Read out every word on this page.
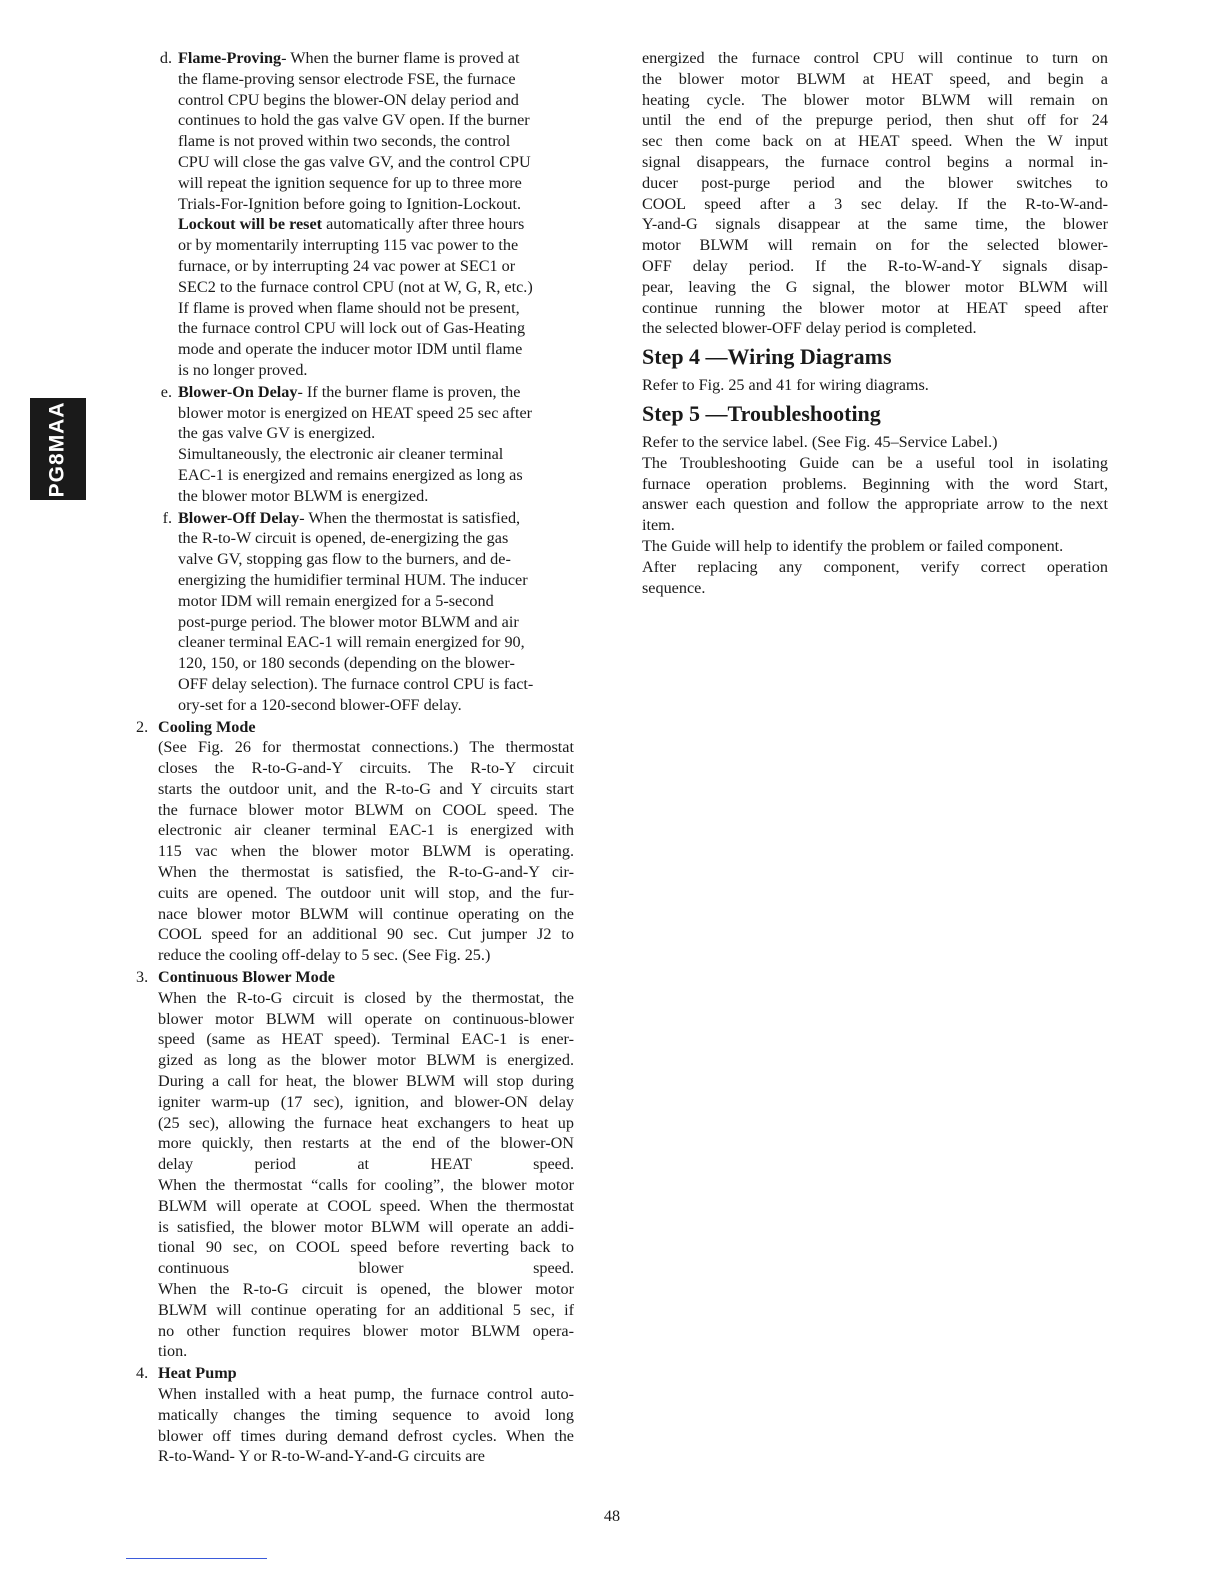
PG8MAA
d. Flame-Proving- When the burner flame is proved at
the flame-proving sensor electrode FSE, the furnace
control CPU begins the blower-ON delay period and
continues to hold the gas valve GV open. If the burner
flame is not proved within two seconds, the control
CPU will close the gas valve GV, and the control CPU
will repeat the ignition sequence for up to three more
Trials-For-Ignition before going to Ignition-Lockout.
Lockout will be reset automatically after three hours
or by momentarily interrupting 115 vac power to the
furnace, or by interrupting 24 vac power at SEC1 or
SEC2 to the furnace control CPU (not at W, G, R, etc.)
If flame is proved when flame should not be present,
the furnace control CPU will lock out of Gas-Heating
mode and operate the inducer motor IDM until flame
is no longer proved.
e. Blower-On Delay- If the burner flame is proven, the
blower motor is energized on HEAT speed 25 sec after
the gas valve GV is energized.
Simultaneously, the electronic air cleaner terminal
EAC-1 is energized and remains energized as long as
the blower motor BLWM is energized.
f. Blower-Off Delay- When the thermostat is satisfied,
the R-to-W circuit is opened, de-energizing the gas
valve GV, stopping gas flow to the burners, and de-
energizing the humidifier terminal HUM. The inducer
motor IDM will remain energized for a 5-second
post-purge period. The blower motor BLWM and air
cleaner terminal EAC-1 will remain energized for 90,
120, 150, or 180 seconds (depending on the blower-
OFF delay selection). The furnace control CPU is fact-
ory-set for a 120-second blower-OFF delay.
2. Cooling Mode
(See Fig. 26 for thermostat connections.) The thermostat
closes the R-to-G-and-Y circuits. The R-to-Y circuit
starts the outdoor unit, and the R-to-G and Y circuits start
the furnace blower motor BLWM on COOL speed. The
electronic air cleaner terminal EAC-1 is energized with
115 vac when the blower motor BLWM is operating.
When the thermostat is satisfied, the R-to-G-and-Y cir-
cuits are opened. The outdoor unit will stop, and the fur-
nace blower motor BLWM will continue operating on the
COOL speed for an additional 90 sec. Cut jumper J2 to
reduce the cooling off-delay to 5 sec. (See Fig. 25.)
3. Continuous Blower Mode
When the R-to-G circuit is closed by the thermostat, the
blower motor BLWM will operate on continuous-blower
speed (same as HEAT speed). Terminal EAC-1 is ener-
gized as long as the blower motor BLWM is energized.
During a call for heat, the blower BLWM will stop during
igniter warm-up (17 sec), ignition, and blower-ON delay
(25 sec), allowing the furnace heat exchangers to heat up
more quickly, then restarts at the end of the blower-ON
delay period at HEAT speed.
When the thermostat “calls for cooling”, the blower motor
BLWM will operate at COOL speed. When the thermostat
is satisfied, the blower motor BLWM will operate an addi-
tional 90 sec, on COOL speed before reverting back to
continuous blower speed.
When the R-to-G circuit is opened, the blower motor
BLWM will continue operating for an additional 5 sec, if
no other function requires blower motor BLWM opera-
tion.
4. Heat Pump
When installed with a heat pump, the furnace control auto-
matically changes the timing sequence to avoid long
blower off times during demand defrost cycles. When the
R-to-Wand- Y or R-to-W-and-Y-and-G circuits are
energized the furnace control CPU will continue to turn on
the blower motor BLWM at HEAT speed, and begin a
heating cycle. The blower motor BLWM will remain on
until the end of the prepurge period, then shut off for 24
sec then come back on at HEAT speed. When the W input
signal disappears, the furnace control begins a normal in-
ducer post-purge period and the blower switches to
COOL speed after a 3 sec delay. If the R-to-W-and-
Y-and-G signals disappear at the same time, the blower
motor BLWM will remain on for the selected blower-
OFF delay period. If the R-to-W-and-Y signals disap-
pear, leaving the G signal, the blower motor BLWM will
continue running the blower motor at HEAT speed after
the selected blower-OFF delay period is completed.
Step 4 —Wiring Diagrams
Refer to Fig. 25 and 41 for wiring diagrams.
Step 5 —Troubleshooting
Refer to the service label. (See Fig. 45–Service Label.)
The Troubleshooting Guide can be a useful tool in isolating
furnace operation problems. Beginning with the word Start,
answer each question and follow the appropriate arrow to the next
item.
The Guide will help to identify the problem or failed component.
After replacing any component, verify correct operation
sequence.
48
